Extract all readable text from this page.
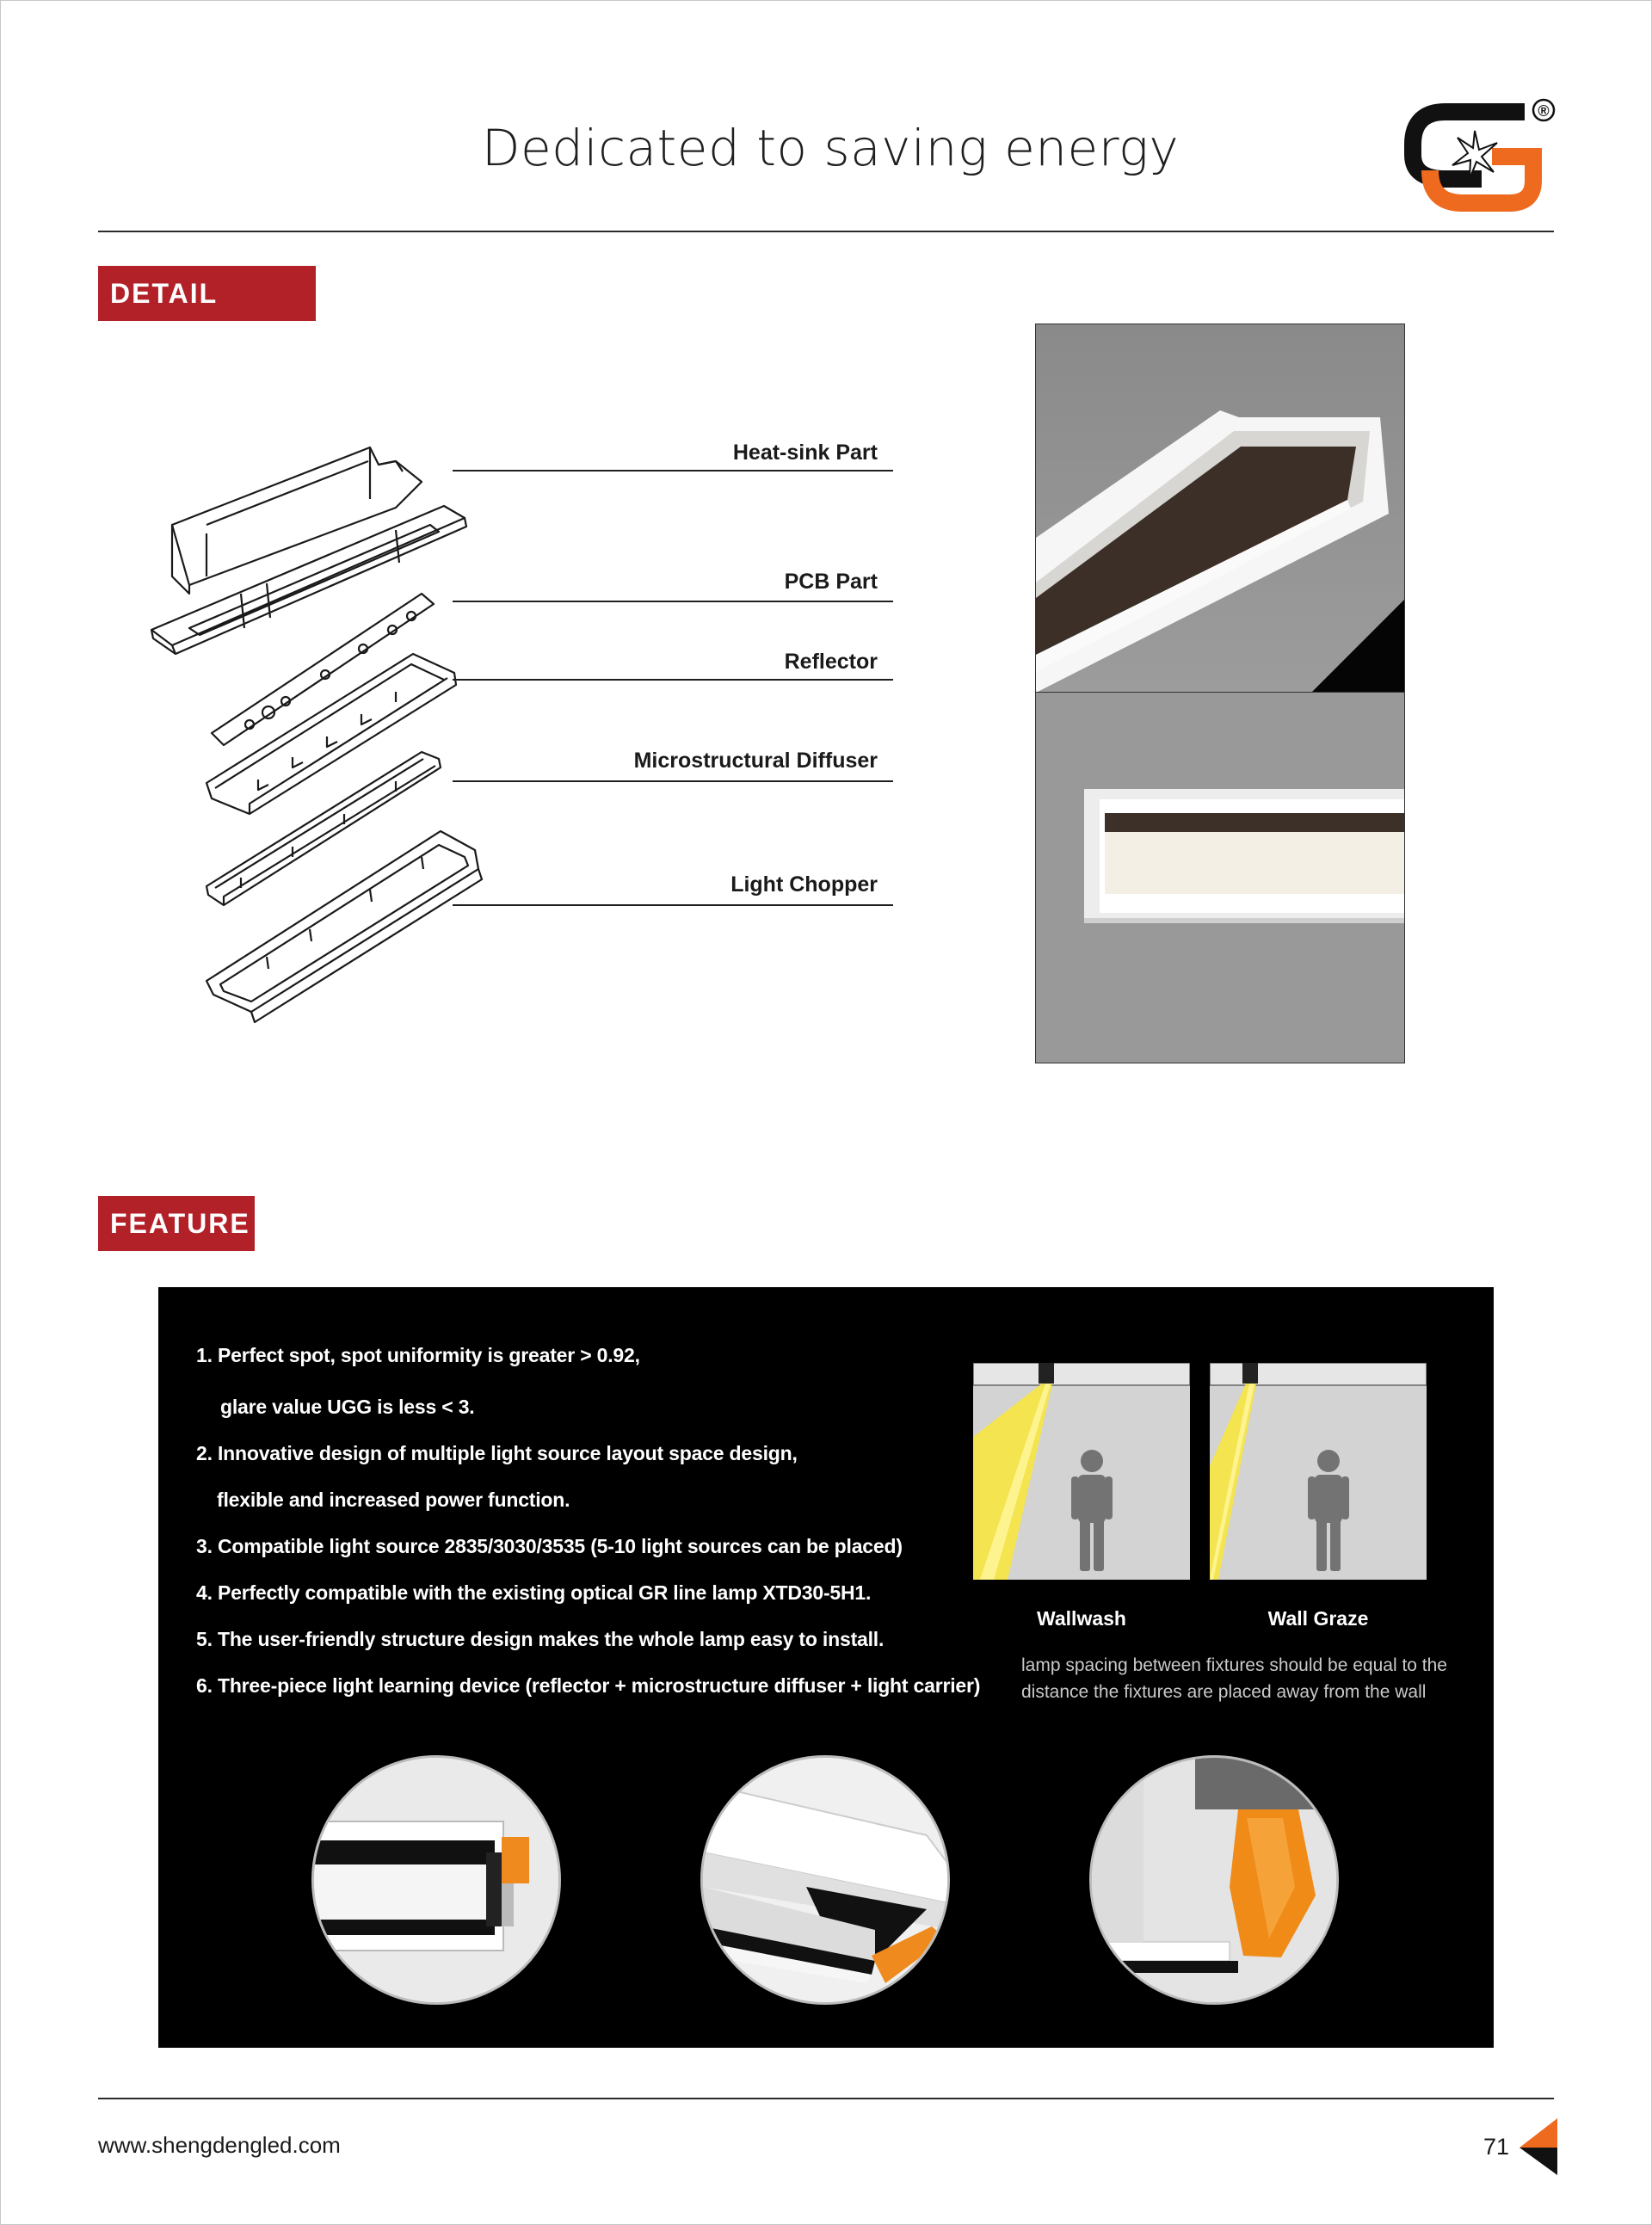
Dedicated to saving energy
®
DETAIL SHOW
Heat-sink Part
PCB Part
Reflector
Microstructural Diffuser
Light Chopper
FEATURE
1. Perfect spot, spot uniformity is greater > 0.92,
glare value UGG is less < 3.
2. Innovative design of multiple light source layout space design,
flexible and increased power function.
3. Compatible light source 2835/3030/3535 (5-10 light sources can be placed)
4. Perfectly compatible with the existing optical GR line lamp XTD30-5H1.
5. The user-friendly structure design makes the whole lamp easy to install.
6. Three-piece light learning device (reflector + microstructure diffuser + light carrier)
Wallwash	Wall Graze
lamp spacing between fixtures should be equal to the
distance the fixtures are placed away from the wall
www.shengdengled.com	71
